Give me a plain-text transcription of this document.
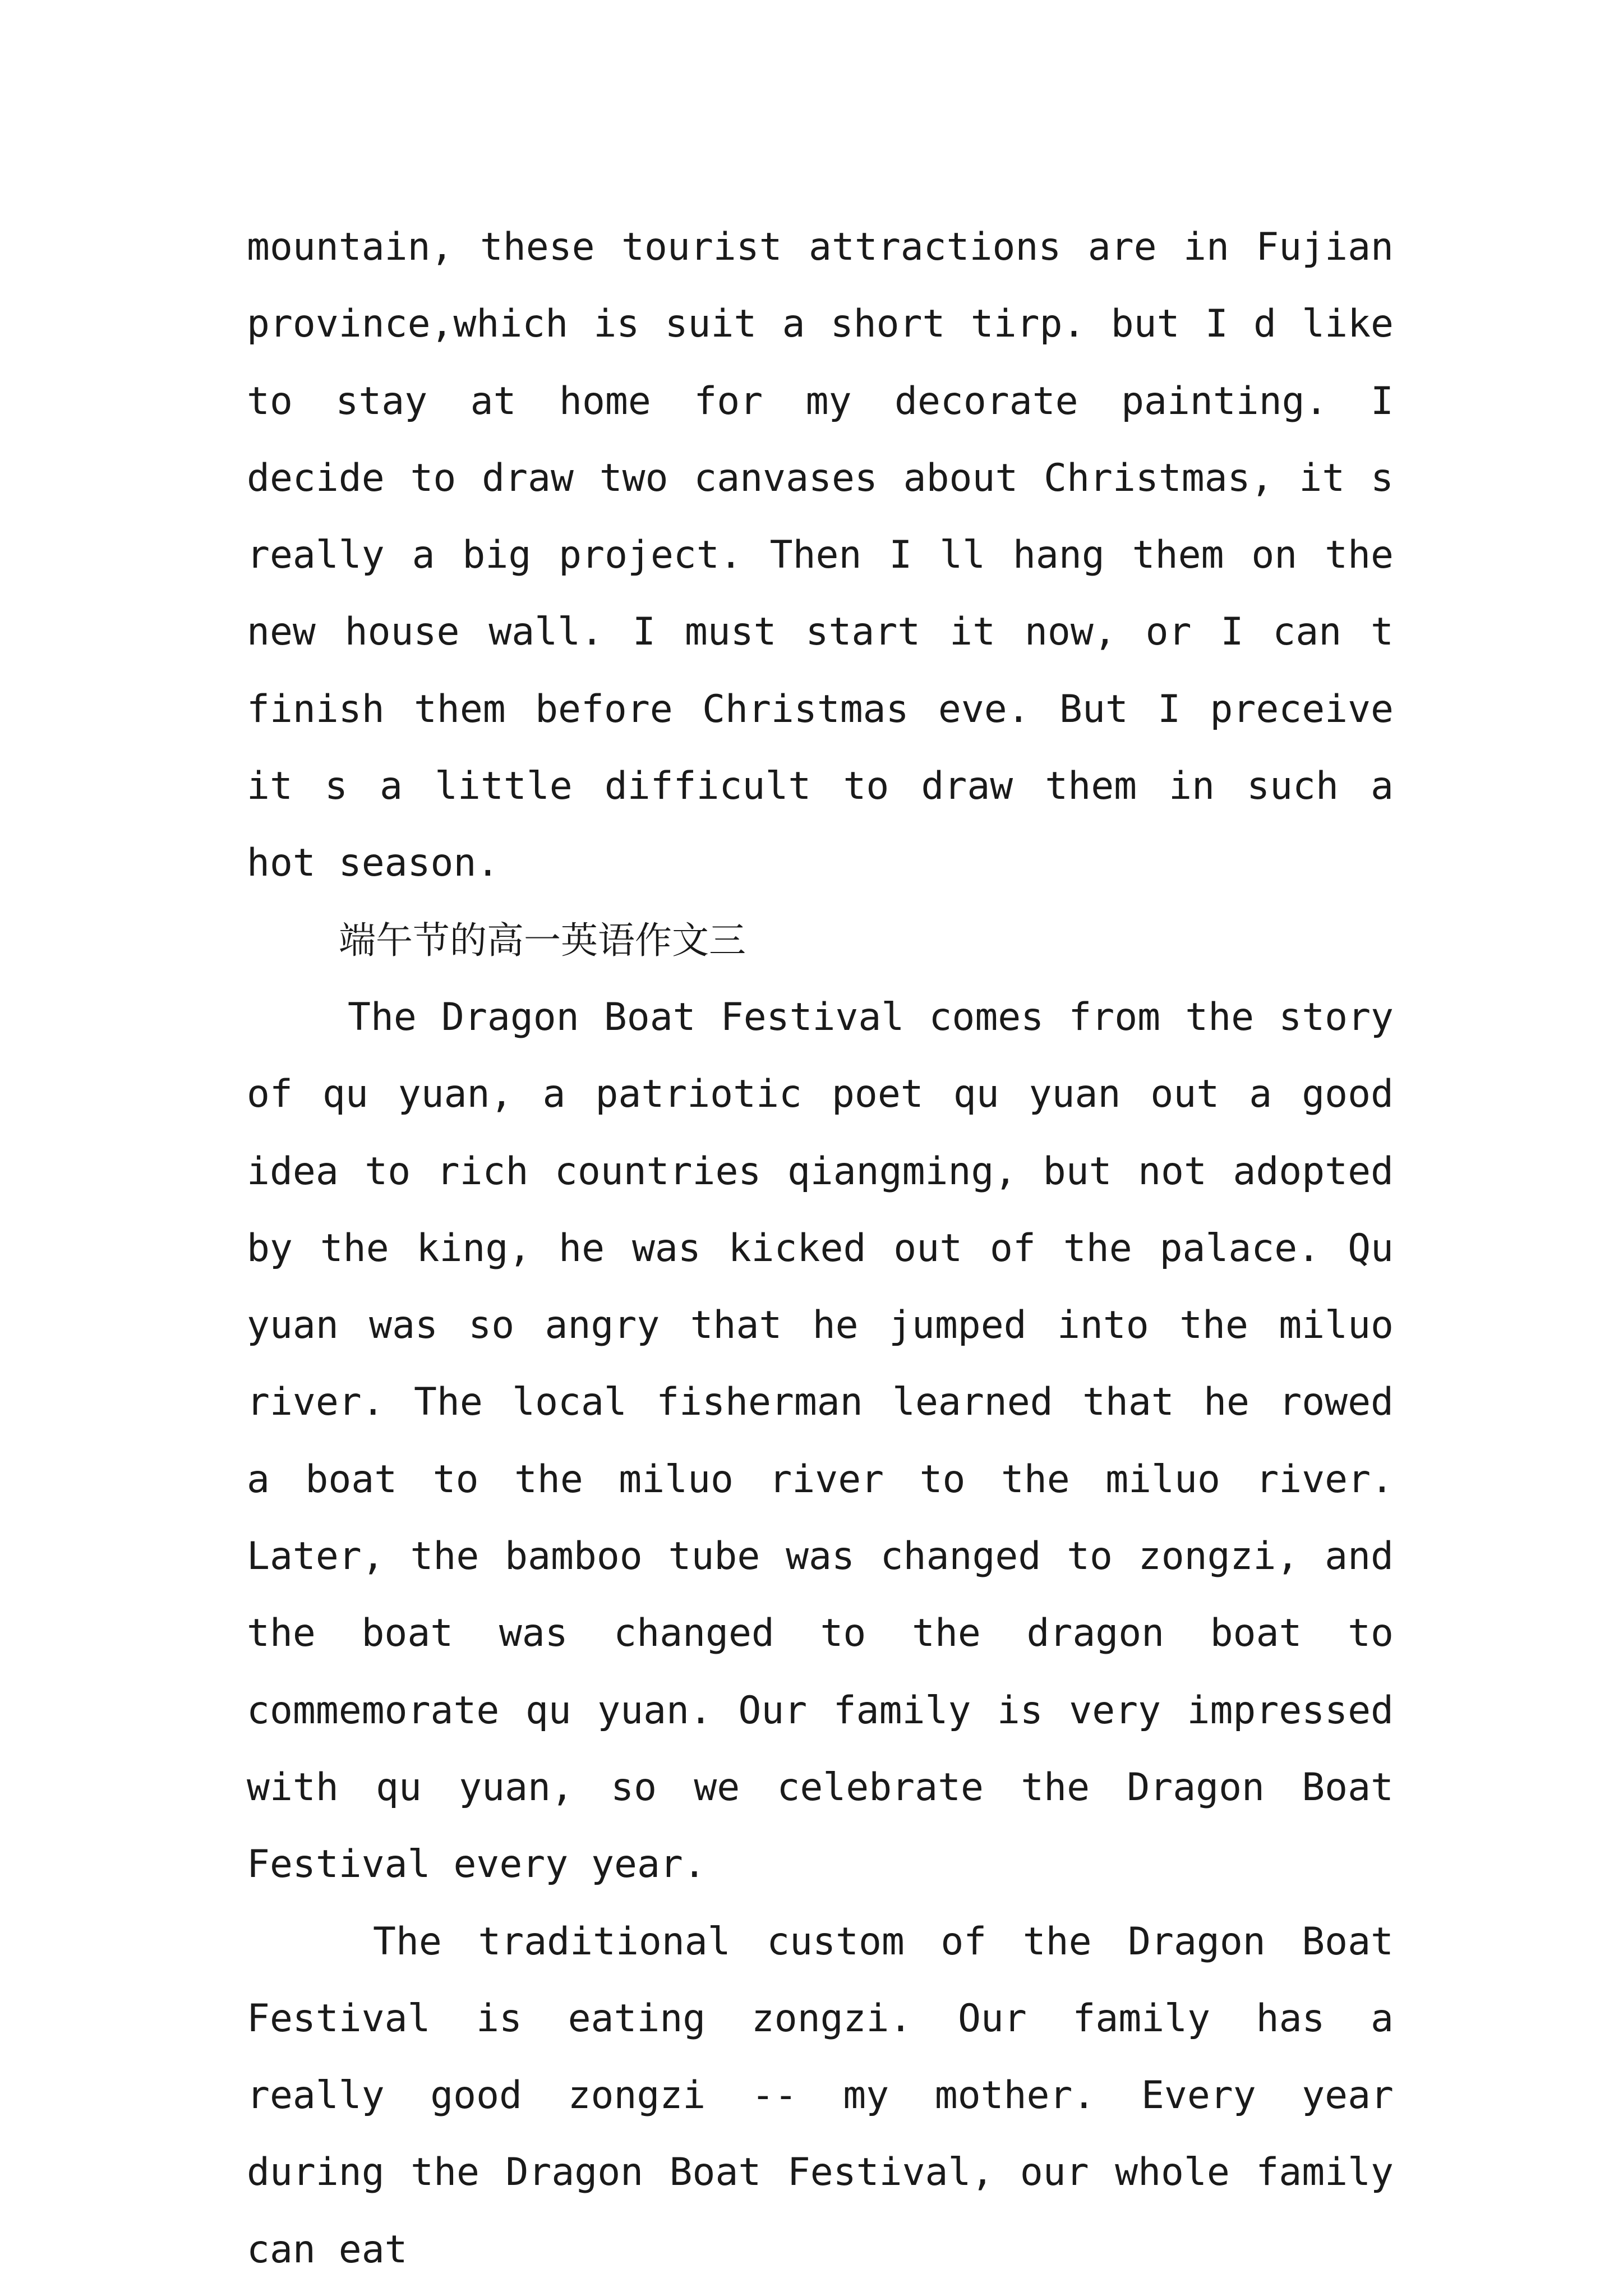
mountain, these tourist attractions are in Fujian province,which is suit a short tirp. but I d like to stay at home for my decorate painting. I decide to draw two canvases about Christmas, it s really a big project. Then I ll hang them on the new house wall. I must start it now, or I can t finish them before Christmas eve. But I preceive it s a little difficult to draw them in such a hot season.

端午节的高一英语作文三

The Dragon Boat Festival comes from the story of qu yuan, a patriotic poet qu yuan out a good idea to rich countries qiangming, but not adopted by the king, he was kicked out of the palace. Qu yuan was so angry that he jumped into the miluo river. The local fisherman learned that he rowed a boat to the miluo river to the miluo river. Later, the bamboo tube was changed to zongzi, and the boat was changed to the dragon boat to commemorate qu yuan. Our family is very impressed with qu yuan, so we celebrate the Dragon Boat Festival every year.

The traditional custom of the Dragon Boat Festival is eating zongzi. Our family has a really good zongzi -- my mother. Every year during the Dragon Boat Festival, our whole family can eat
